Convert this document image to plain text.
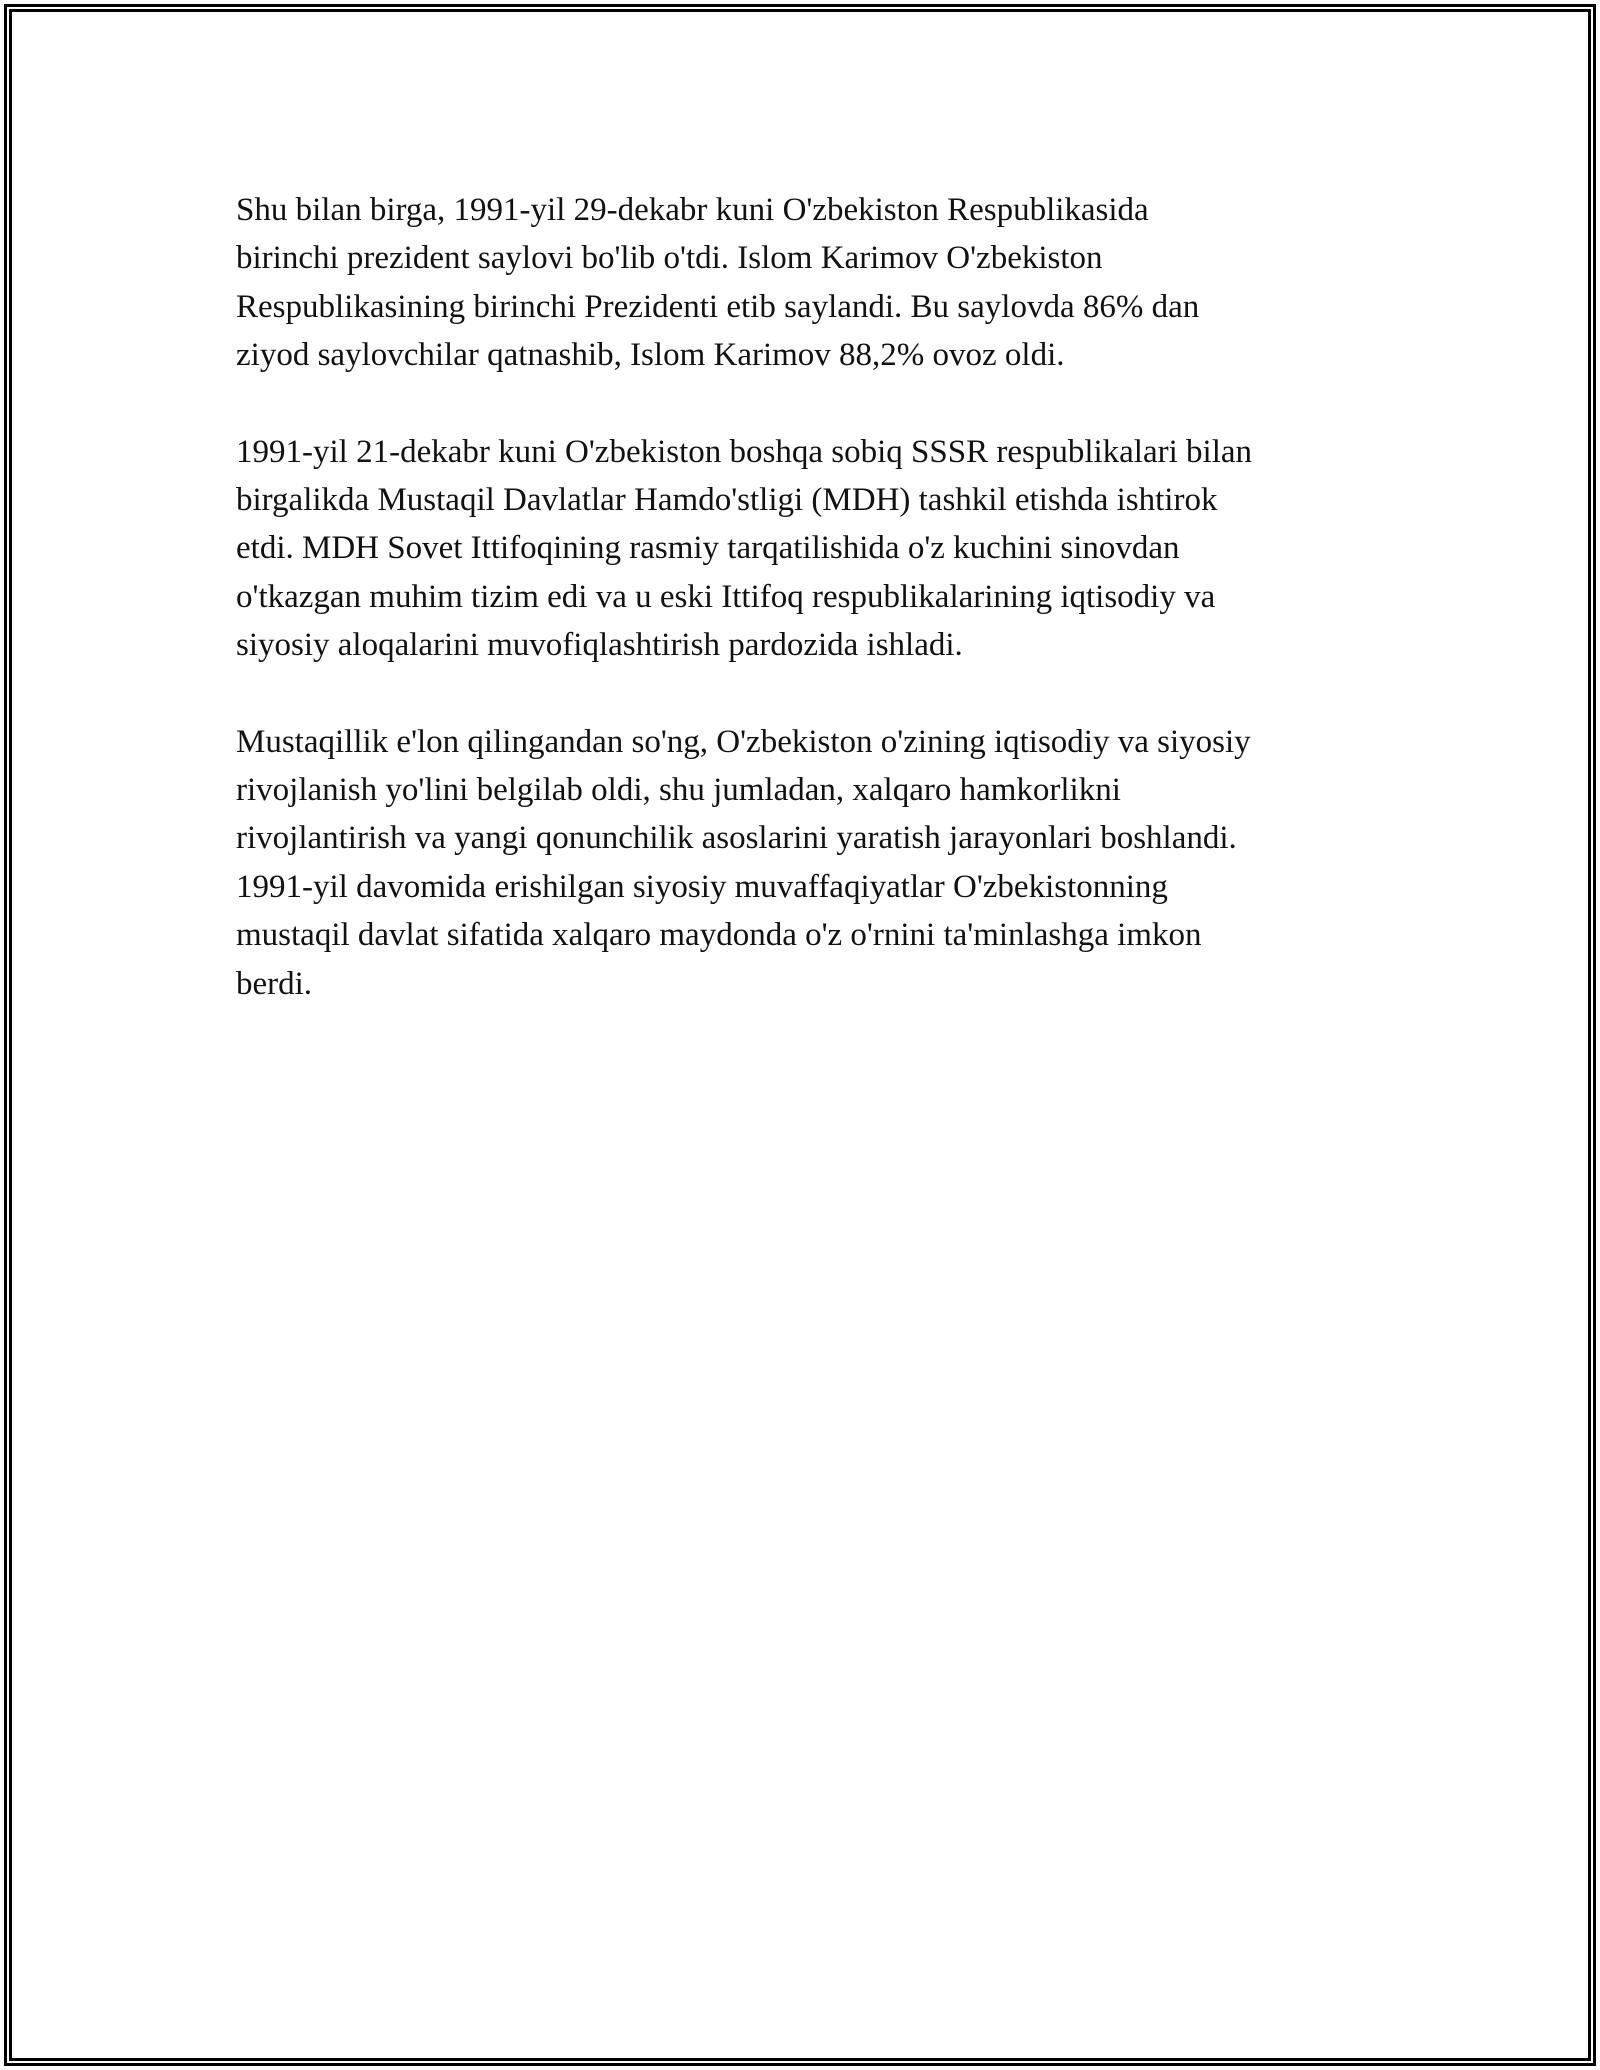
Shu bilan birga, 1991-yil 29-dekabr kuni O'zbekiston Respublikasida
birinchi prezident saylovi bo'lib o'tdi. Islom Karimov O'zbekiston
Respublikasining birinchi Prezidenti etib saylandi. Bu saylovda 86% dan
ziyod saylovchilar qatnashib, Islom Karimov 88,2% ovoz oldi.

1991-yil 21-dekabr kuni O'zbekiston boshqa sobiq SSSR respublikalari bilan
birgalikda Mustaqil Davlatlar Hamdo'stligi (MDH) tashkil etishda ishtirok
etdi. MDH Sovet Ittifoqining rasmiy tarqatilishida o'z kuchini sinovdan
o'tkazgan muhim tizim edi va u eski Ittifoq respublikalarining iqtisodiy va
siyosiy aloqalarini muvofiqlashtirish pardozida ishladi.

Mustaqillik e'lon qilingandan so'ng, O'zbekiston o'zining iqtisodiy va siyosiy
rivojlanish yo'lini belgilab oldi, shu jumladan, xalqaro hamkorlikni
rivojlantirish va yangi qonunchilik asoslarini yaratish jarayonlari boshlandi.
1991-yil davomida erishilgan siyosiy muvaffaqiyatlar O'zbekistonning
mustaqil davlat sifatida xalqaro maydonda o'z o'rnini ta'minlashga imkon
berdi.
